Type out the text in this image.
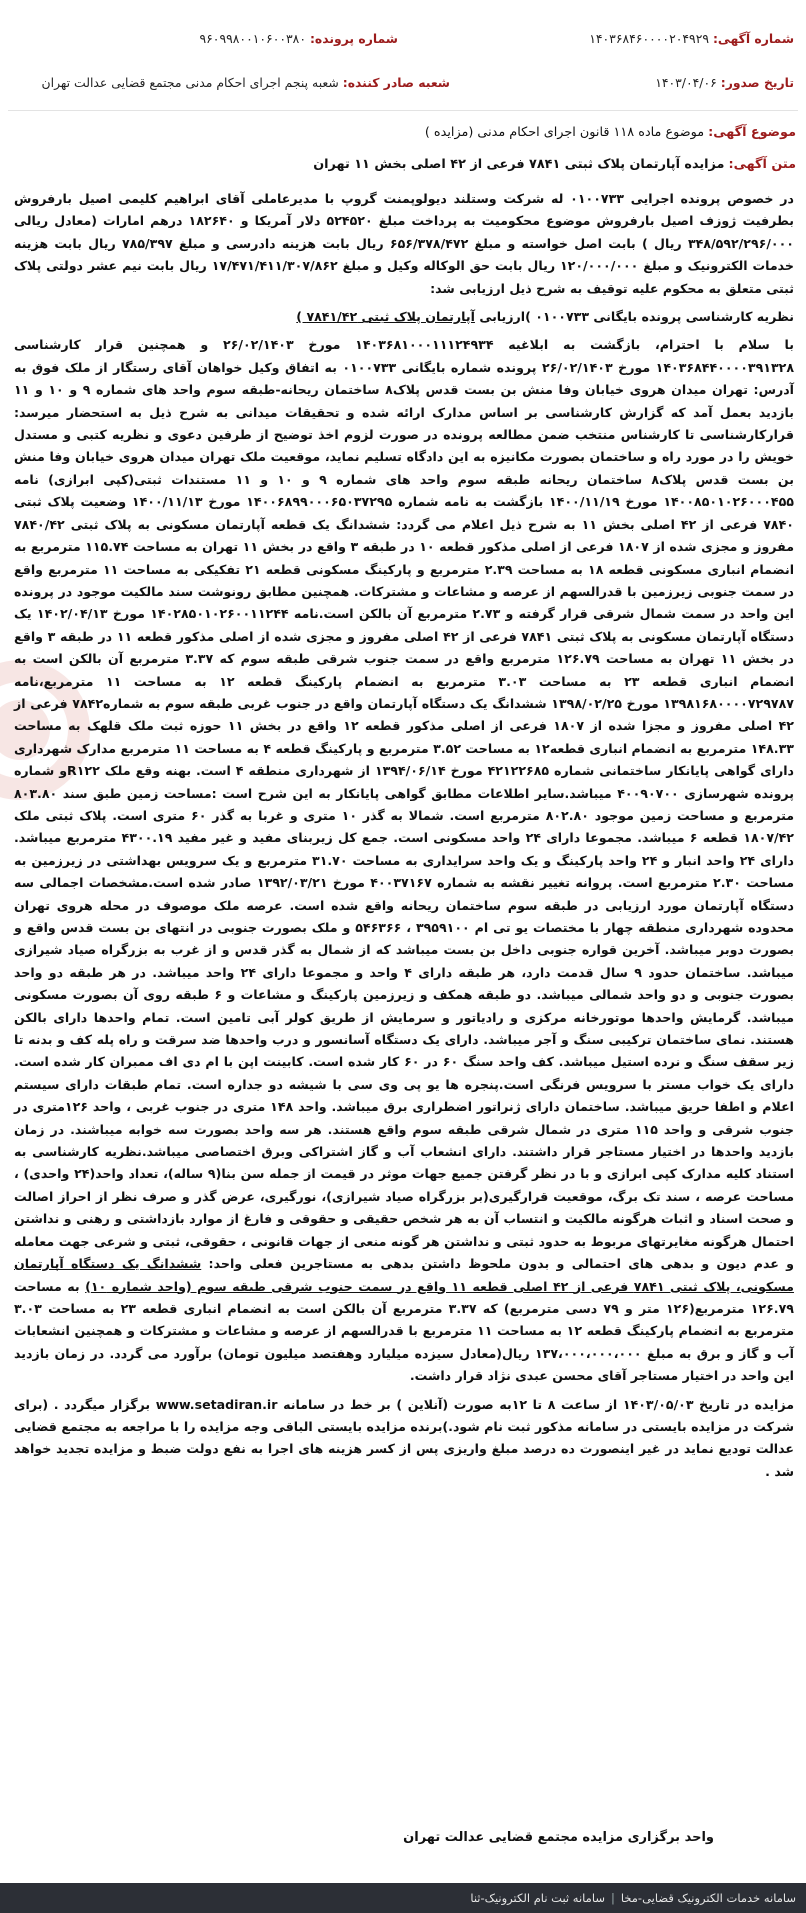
شماره آگهی: ۱۴۰۳۶۸۴۶۰۰۰۰۲۰۴۹۲۹
شماره پرونده: ۹۶۰۹۹۸۰۰۱۰۶۰۰۳۸۰
تاریخ صدور: ۱۴۰۳/۰۴/۰۶
شعبه صادر کننده: شعبه پنجم اجرای احکام مدنی مجتمع قضایی عدالت تهران
موضوع آگهی: موضوع ماده ۱۱۸ قانون اجرای احکام مدنی (مزایده )
متن آگهی: مزایده آپارتمان پلاک ثبتی ۷۸۴۱ فرعی از ۴۲ اصلی بخش ۱۱ تهران

در خصوص پرونده اجرایی ۰۱۰۰۷۳۳ له شرکت وستلند دیولوپمنت گروپ با مدیرعاملی آقای ابراهیم کلیمی اصیل بارفروش بطرفیت ژوزف اصیل بارفروش موضوع محکومیت به پرداخت مبلغ ۵۲۴۵۲۰ دلار آمریکا و ۱۸۲۶۴۰ درهم امارات (معادل ریالی ۳۴۸/۵۹۲/۲۹۶/۰۰۰ ریال ) بابت اصل خواسته و مبلغ ۶۵۶/۳۷۸/۴۷۲ ریال بابت هزینه دادرسی و مبلغ ۷۸۵/۳۹۷ ریال بابت هزینه خدمات الکترونیک و مبلغ ۱۲۰/۰۰۰/۰۰۰ ریال بابت حق الوکاله وکیل و مبلغ ۱۷/۴۷۱/۴۱۱/۳۰۷/۸۶۲ ریال بابت نیم عشر دولتی پلاک ثبتی متعلق به محکوم علیه توقیف به شرح ذیل ارزیابی شد:

نظریه کارشناسی پرونده بایگانی ۰۱۰۰۷۳۳ )ارزیابی آپارتمان پلاک ثبتی ۷۸۴۱/۴۲ )

با سلام با احترام، بازگشت به ابلاغیه ۱۴۰۳۶۸۱۰۰۰۱۱۱۲۴۹۳۴ مورخ ۲۶/۰۲/۱۴۰۳ و همچنین قرار کارشناسی ۱۴۰۳۶۸۴۴۰۰۰۰۳۹۱۳۲۸ مورخ ۲۶/۰۲/۱۴۰۳ پرونده شماره بایگانی ۰۱۰۰۷۳۳ به اتفاق وکیل خواهان آقای رستگار از ملک فوق به آدرس: تهران میدان هروی خیابان وفا منش بن بست قدس پلاک۸ ساختمان ریحانه-طبقه سوم واحد های شماره ۹ و ۱۰ و ۱۱ بازدید بعمل آمد که گزارش کارشناسی بر اساس مدارک ارائه شده و تحقیقات میدانی به شرح ذیل به استحضار میرسد: قرارکارشناسی تا کارشناس منتخب ضمن مطالعه پرونده در صورت لزوم اخذ توضیح از طرفین دعوی و نظریه کتبی و مستدل خویش را در مورد راه و ساختمان بصورت مکانیزه به این دادگاه تسلیم نماید، موقعیت ملک تهران میدان هروی خیابان وفا منش بن بست قدس پلاک۸ ساختمان ریحانه طبقه سوم واحد های شماره ۹ و ۱۰ و ۱۱ مستندات ثبتی(کپی ابرازی) نامه ۱۴۰۰۸۵۰۱۰۲۶۰۰۰۴۵۵ مورخ ۱۴۰۰/۱۱/۱۹ بازگشت به نامه شماره ۱۴۰۰۶۸۹۹۰۰۰۶۵۰۳۷۲۹۵ مورخ ۱۴۰۰/۱۱/۱۳ وضعیت پلاک ثبتی ۷۸۴۰ فرعی از ۴۲ اصلی بخش ۱۱ به شرح ذیل اعلام می گردد: ششدانگ یک قطعه آپارتمان مسکونی به پلاک ثبتی ۷۸۴۰/۴۲ مفروز و مجزی شده از ۱۸۰۷ فرعی از اصلی مذکور قطعه ۱۰ در طبقه ۳ واقع در بخش ۱۱ تهران به مساحت ۱۱۵.۷۴ مترمربع به انضمام انباری مسکونی قطعه ۱۸ به مساحت ۲.۳۹ مترمربع و پارکینگ مسکونی قطعه ۲۱ تفکیکی به مساحت ۱۱ مترمربع واقع در سمت جنوبی زیرزمین با قدرالسهم از عرصه و مشاعات و مشترکات. همچنین مطابق رونوشت سند مالکیت موجود در پرونده این واحد در سمت شمال شرقی قرار گرفته و ۲.۷۳ مترمربع آن بالکن است.نامه ۱۴۰۲۸۵۰۱۰۲۶۰۰۱۱۲۴۴ مورخ ۱۴۰۲/۰۴/۱۳ یک دستگاه آپارتمان مسکونی به پلاک ثبتی ۷۸۴۱ فرعی از ۴۲ اصلی مفروز و مجزی شده از اصلی مذکور قطعه ۱۱ در طبقه ۳ واقع در بخش ۱۱ تهران به مساحت ۱۲۶.۷۹ مترمربع واقع در سمت جنوب شرقی طبقه سوم که ۳.۳۷ مترمربع آن بالکن است به انضمام انباری قطعه ۲۳ به مساحت ۳.۰۳ مترمربع به انضمام پارکینگ قطعه ۱۲ به مساحت ۱۱ مترمربع،نامه ۱۳۹۸۱۶۸۰۰۰۰۷۲۹۷۸۷ مورخ ۱۳۹۸/۰۲/۲۵ ششدانگ یک دستگاه آپارتمان واقع در جنوب غربی طبقه سوم به شماره۷۸۴۲ فرعی از ۴۲ اصلی مفروز و مجزا شده از ۱۸۰۷ فرعی از اصلی مذکور قطعه ۱۲ واقع در بخش ۱۱ حوزه ثبت ملک قلهک به مساحت ۱۴۸.۳۳ مترمربع به انضمام انباری قطعه۱۲ به مساحت ۳.۵۲ مترمربع و پارکینگ قطعه ۴ به مساحت ۱۱ مترمربع مدارک شهرداری دارای گواهی پایانکار ساختمانی شماره ۴۲۱۲۲۶۸۵ مورخ ۱۳۹۴/۰۶/۱۴ از شهرداری منطقه ۴ است. بهنه وقع ملک R۱۲۲و شماره پرونده شهرسازی ۴۰۰۹۰۷۰۰ میباشد.سایر اطلاعات مطابق گواهی پایانکار به این شرح است :مساحت زمین طبق سند ۸۰۳.۸۰ مترمربع و مساحت زمین موجود ۸۰۲.۸۰ مترمربع است. شمالا به گذر ۱۰ متری و غربا به گذر ۶۰ متری است. پلاک ثبتی ملک ۱۸۰۷/۴۲ قطعه ۶ میباشد. مجموعا دارای ۲۴ واحد مسکونی است. جمع کل زیربنای مفید و غیر مفید ۴۳۰۰.۱۹ مترمربع میباشد. دارای ۲۴ واحد انبار و ۲۴ واحد پارکینگ و یک واحد سرایداری به مساحت ۳۱.۷۰ مترمربع و یک سرویس بهداشتی در زیرزمین به مساحت ۲.۳۰ مترمربع است. پروانه تغییر نقشه به شماره ۴۰۰۳۷۱۶۷ مورخ ۱۳۹۲/۰۳/۲۱ صادر شده است.مشخصات اجمالی سه دستگاه آپارتمان مورد ارزیابی در طبقه سوم ساختمان ریحانه واقع شده است. عرصه ملک موصوف در محله هروی تهران محدوده شهرداری منطقه چهار با مختصات یو تی ام ۳۹۵۹۱۰۰ ، ۵۴۶۳۶۶ و ملک بصورت جنوبی در انتهای بن بست قدس واقع و بصورت دوبر میباشد. آخرین قواره جنوبی داخل بن بست میباشد که از شمال به گذر قدس و از غرب به بزرگراه صیاد شیرازی میباشد. ساختمان حدود ۹ سال قدمت دارد، هر طبقه دارای ۴ واحد و مجموعا دارای ۲۴ واحد میباشد. در هر طبقه دو واحد بصورت جنوبی و دو واحد شمالی میباشد. دو طبقه همکف و زیرزمین پارکینگ و مشاعات و ۶ طبقه روی آن بصورت مسکونی میباشد. گرمایش واحدها موتورخانه مرکزی و رادیاتور و سرمایش از طریق کولر آبی تامین است. تمام واحدها دارای بالکن هستند. نمای ساختمان ترکیبی سنگ و آجر میباشد. دارای یک دستگاه آسانسور و درب واحدها ضد سرقت و راه پله کف و بدنه تا زیر سقف سنگ و نرده استیل میباشد. کف واحد سنگ ۶۰ در ۶۰ کار شده است. کابینت اپن با ام دی اف ممبران کار شده است. دارای یک خواب مستر با سرویس فرنگی است.پنجره ها یو پی وی سی با شیشه دو جداره است. تمام طبقات دارای سیستم اعلام و اطفا حریق میباشد. ساختمان دارای ژنراتور اضطراری برق میباشد. واحد ۱۴۸ متری در جنوب غربی ، واحد ۱۲۶متری در جنوب شرقی و واحد ۱۱۵ متری در شمال شرقی طبقه سوم واقع هستند. هر سه واحد بصورت سه خوابه میباشند. در زمان بازدید واحدها در اختیار مستاجر قرار داشتند. دارای انشعاب آب و گاز اشتراکی وبرق اختصاصی میباشد.نظریه کارشناسی به استناد کلیه مدارک کپی ابرازی و با در نظر گرفتن جمیع جهات موثر در قیمت از جمله سن بنا(۹ ساله)، تعداد واحد(۲۴ واحدی) ، مساحت عرصه ، سند تک برگ، موقعیت قرارگیری(بر بزرگراه صیاد شیرازی)، نورگیری، عرض گذر و صرف نظر از احراز اصالت و صحت اسناد و اثبات هرگونه مالکیت و انتساب آن به هر شخص حقیقی و حقوقی و فارغ از موارد بازداشتی و رهنی و نداشتن احتمال هرگونه مغایرتهای مربوط به حدود ثبتی و نداشتن هر گونه منعی از جهات قانونی ، حقوقی، ثبتی و شرعی جهت معامله و عدم دیون و بدهی های احتمالی و بدون ملحوظ داشتن بدهی به مستاجرین فعلی واحد: ششدانگ یک دستگاه آپارتمان مسکونی، پلاک ثبتی ۷۸۴۱ فرعی از ۴۲ اصلی قطعه ۱۱ واقع در سمت جنوب شرقی طبقه سوم (واحد شماره ۱۰) به مساحت ۱۲۶.۷۹ مترمربع(۱۲۶ متر و ۷۹ دسی مترمربع) که ۳.۳۷ مترمربع آن بالکن است به انضمام انباری قطعه ۲۳ به مساحت ۳.۰۳ مترمربع به انضمام پارکینگ قطعه ۱۲ به مساحت ۱۱ مترمربع با قدرالسهم از عرصه و مشاعات و مشترکات و همچنین انشعابات آب و گاز و برق به مبلغ ۱۳۷،۰۰۰،۰۰۰،۰۰۰ ریال(معادل سیزده میلیارد وهفتصد میلیون تومان) برآورد می گردد. در زمان بازدید این واحد در اختیار مستاجر آقای محسن عبدی نژاد قرار داشت.

مزایده در تاریخ ۱۴۰۳/۰۵/۰۳ از ساعت ۸ تا ۱۲به صورت (آنلاین ) بر خط در سامانه www.setadiran.ir برگزار میگردد . (برای شرکت در مزایده بایستی در سامانه مذکور ثبت نام شود.)برنده مزایده بایستی الباقی وجه مزایده را با مراجعه به مجتمع قضایی عدالت تودیع نماید در غیر اینصورت ده درصد مبلغ واریزی پس از کسر هزینه های اجرا به نفع دولت ضبط و مزایده تجدید خواهد شد .

واحد برگزاری مزایده مجتمع قضایی عدالت تهران
سامانه خدمات الکترونیک قضایی-مخا
|
سامانه ثبت نام الکترونیک-ثنا
